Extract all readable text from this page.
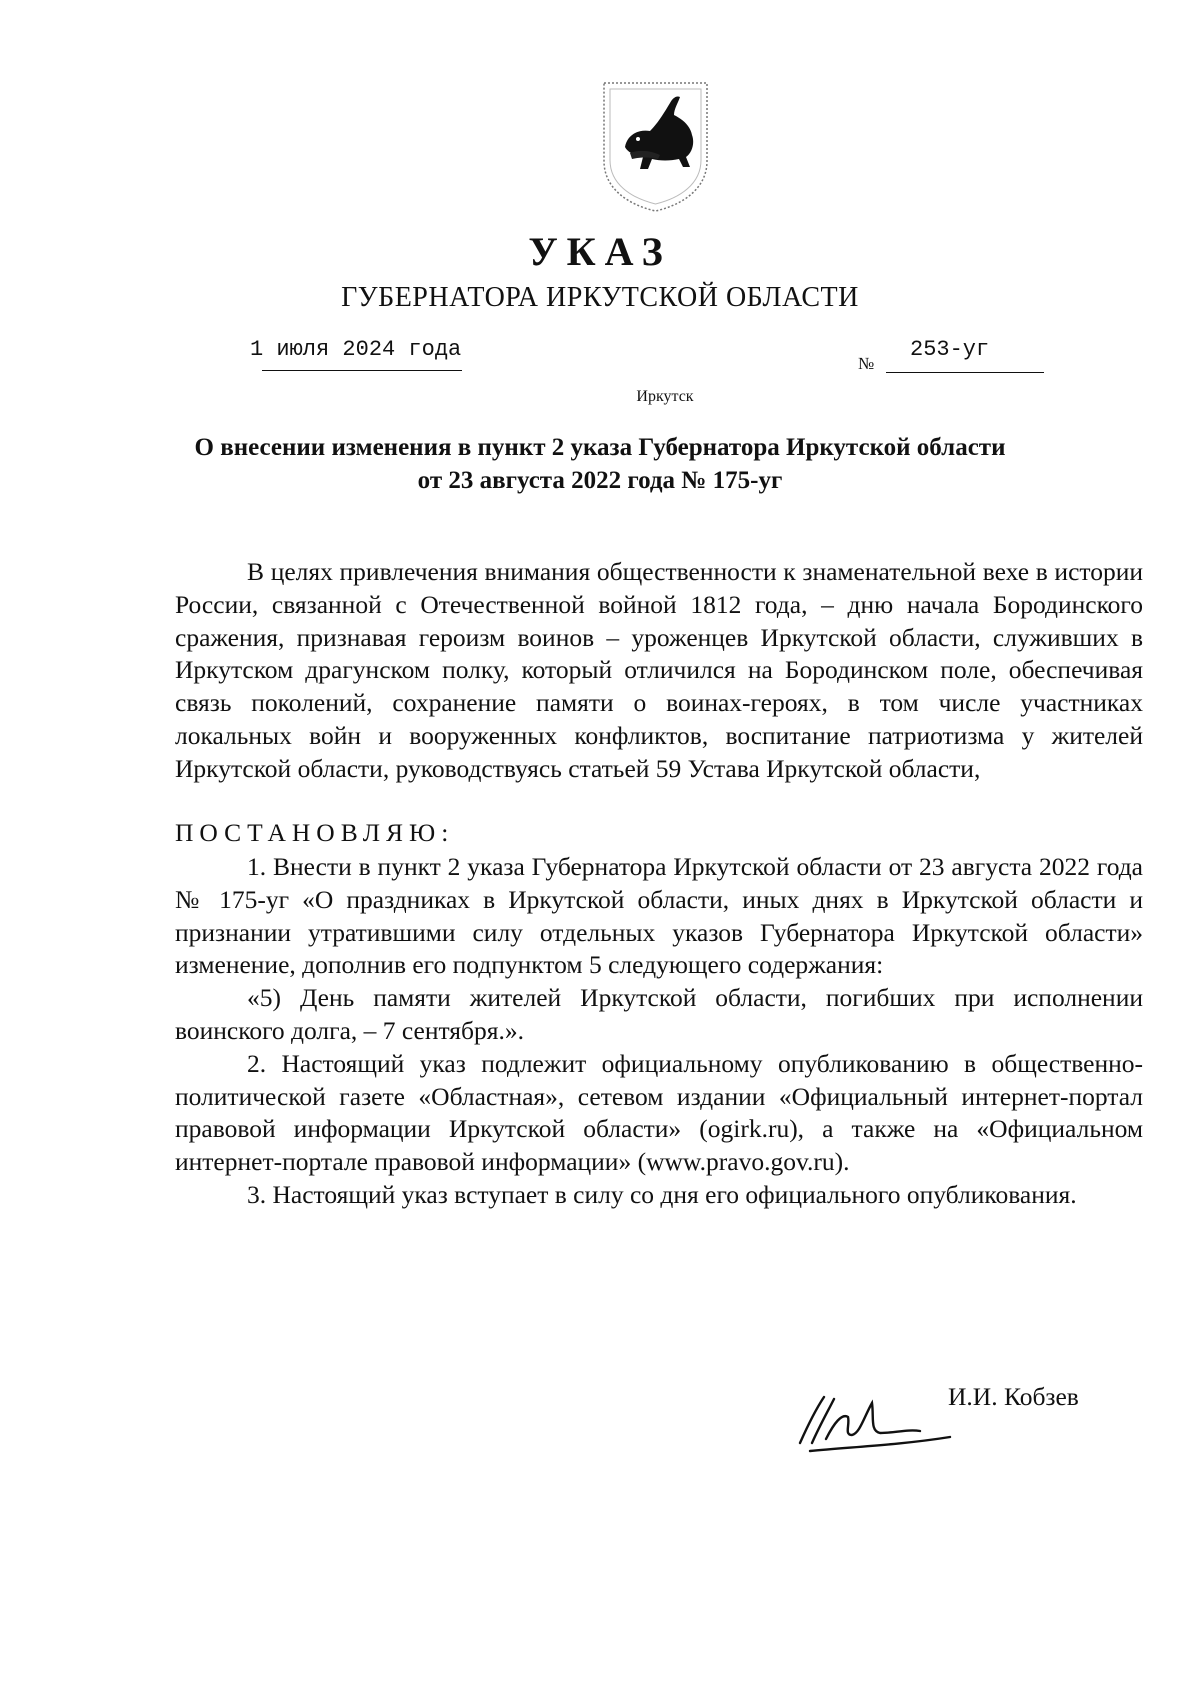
УКАЗ
ГУБЕРНАТОРА ИРКУТСКОЙ ОБЛАСТИ
1 июля 2024 года
№
253-уг
Иркутск
О внесении изменения в пункт 2 указа Губернатора Иркутской области
от 23 августа 2022 года № 175-уг

В целях привлечения внимания общественности к знаменательной вехе в истории России, связанной с Отечественной войной 1812 года, – дню начала Бородинского сражения, признавая героизм воинов – уроженцев Иркутской области, служивших в Иркутском драгунском полку, который отличился на Бородинском поле, обеспечивая связь поколений, сохранение памяти о воинах-героях, в том числе участниках локальных войн и вооруженных конфликтов, воспитание патриотизма у жителей Иркутской области, руководствуясь статьей 59 Устава Иркутской области,

ПОСТАНОВЛЯЮ:

1. Внести в пункт 2 указа Губернатора Иркутской области от 23 августа 2022 года № 175-уг «О праздниках в Иркутской области, иных днях в Иркутской области и признании утратившими силу отдельных указов Губернатора Иркутской области» изменение, дополнив его подпунктом 5 следующего содержания:

«5) День памяти жителей Иркутской области, погибших при исполнении воинского долга, – 7 сентября.».

2. Настоящий указ подлежит официальному опубликованию в общественно-политической газете «Областная», сетевом издании «Официальный интернет-портал правовой информации Иркутской области» (ogirk.ru), а также на «Официальном интернет-портале правовой информации» (www.pravo.gov.ru).

3. Настоящий указ вступает в силу со дня его официального опубликования.

И.И. Кобзев
